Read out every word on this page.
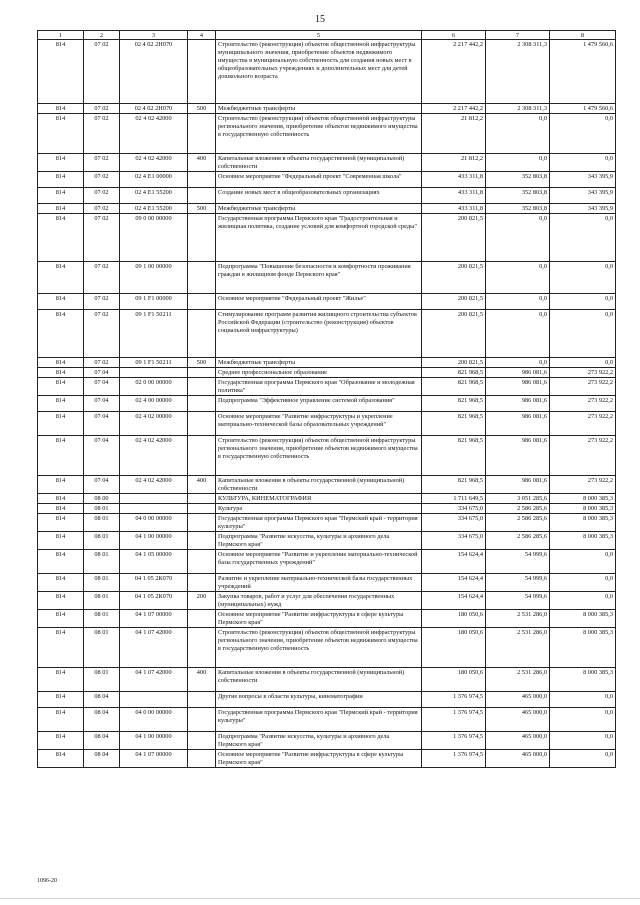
15
1	2	3	4	5	6	7	8
814	07 02	02 4 02 2Н070		Строительство (реконструкция) объектов общественной инфраструктуры муниципального значения, приобретение объектов недвижимого имущества в муниципальную собственность для создания новых мест в общеобразовательных учреждениях и дополнительных мест для детей дошкольного возраста	2 217 442,2	2 308 311,3	1 479 560,6
814	07 02	02 4 02 2Н070	500	Межбюджетные трансферты	2 217 442,2	2 308 311,3	1 479 560,6
814	07 02	02 4 02 42000		Строительство (реконструкция) объектов общественной инфраструктуры регионального значения, приобретение объектов недвижимого имущества в государственную собственность	21 812,2	0,0	0,0
814	07 02	02 4 02 42000	400	Капитальные вложения в объекты государственной (муниципальной) собственности	21 812,2	0,0	0,0
814	07 02	02 4 Е1 00000		Основное мероприятие "Федеральный проект "Современная школа"	433 311,8	352 803,8	343 395,9
814	07 02	02 4 Е1 55200		Создание новых мест в общеобразовательных организациях	433 311,8	352 803,8	343 395,9
814	07 02	02 4 Е1 55200	500	Межбюджетные трансферты	433 311,8	352 803,8	343 395,9
814	07 02	09 0 00 00000		Государственная программа Пермского края "Градостроительная и жилищная политика, создание условий для комфортной городской среды"	200 821,5	0,0	0,0
814	07 02	09 1 00 00000		Подпрограмма "Повышение безопасности и комфортности проживания граждан в жилищном фонде Пермского края"	200 821,5	0,0	0,0
814	07 02	09 1 F1 00000		Основное мероприятие "Федеральный проект "Жилье"	200 821,5	0,0	0,0
814	07 02	09 1 F1 50211		Стимулирование программ развития жилищного строительства субъектов Российской Федерации (строительство (реконструкция) объектов социальной инфраструктуры)	200 821,5	0,0	0,0
814	07 02	09 1 F1 50211	500	Межбюджетные трансферты	200 821,5	0,0	0,0
814	07 04			Среднее профессиональное образование	821 968,5	986 081,6	273 922,2
814	07 04	02 0 00 00000		Государственная программа Пермского края "Образование и молодежная политика"	821 968,5	986 081,6	273 922,2
814	07 04	02 4 00 00000		Подпрограмма "Эффективное управление системой образования"	821 968,5	986 081,6	273 922,2
814	07 04	02 4 02 00000		Основное мероприятие "Развитие инфраструктуры и укрепление материально-технической базы образовательных учреждений"	821 968,5	986 081,6	273 922,2
814	07 04	02 4 02 42000		Строительство (реконструкция) объектов общественной инфраструктуры регионального значения, приобретение объектов недвижимого имущества в государственную собственность	821 968,5	986 081,6	273 922,2
814	07 04	02 4 02 42000	400	Капитальные вложения в объекты государственной (муниципальной) собственности	821 968,5	986 081,6	273 922,2
814	08 00			КУЛЬТУРА, КИНЕМАТОГРАФИЯ	1 711 649,5	3 051 285,6	8 000 385,3
814	08 01			Культура	334 675,0	2 586 285,6	8 000 385,3
814	08 01	04 0 00 00000		Государственная программа Пермского края "Пермский край - территория культуры"	334 675,0	2 586 285,6	8 000 385,3
814	08 01	04 1 00 00000		Подпрограмма "Развитие искусства, культуры и архивного дела Пермского края"	334 675,0	2 586 285,6	8 000 385,3
814	08 01	04 1 05 00000		Основное мероприятие "Развитие и укрепление материально-технической базы государственных учреждений"	154 624,4	54 999,6	0,0
814	08 01	04 1 05 2К070		Развитие и укрепление материально-технической базы государственных учреждений	154 624,4	54 999,6	0,0
814	08 01	04 1 05 2К070	200	Закупка товаров, работ и услуг для обеспечения государственных (муниципальных) нужд	154 624,4	54 999,6	0,0
814	08 01	04 1 07 00000		Основное мероприятие "Развитие инфраструктуры в сфере культуры Пермского края"	180 050,6	2 531 286,0	8 000 385,3
814	08 01	04 1 07 42000		Строительство (реконструкция) объектов общественной инфраструктуры регионального значения, приобретение объектов недвижимого имущества в государственную собственность	180 050,6	2 531 286,0	8 000 385,3
814	08 01	04 1 07 42000	400	Капитальные вложения в объекты государственной (муниципальной) собственности	180 050,6	2 531 286,0	8 000 385,3
814	08 04			Другие вопросы в области культуры, кинематографии	1 376 974,5	465 000,0	0,0
814	08 04	04 0 00 00000		Государственная программа Пермского края "Пермский край - территория культуры"	1 376 974,5	465 000,0	0,0
814	08 04	04 1 00 00000		Подпрограмма "Развитие искусства, культуры и архивного дела Пермского края"	1 376 974,5	465 000,0	0,0
814	08 04	04 1 07 00000		Основное мероприятие "Развитие инфраструктуры в сфере культуры Пермского края"	1 376 974,5	465 000,0	0,0
1096-20
